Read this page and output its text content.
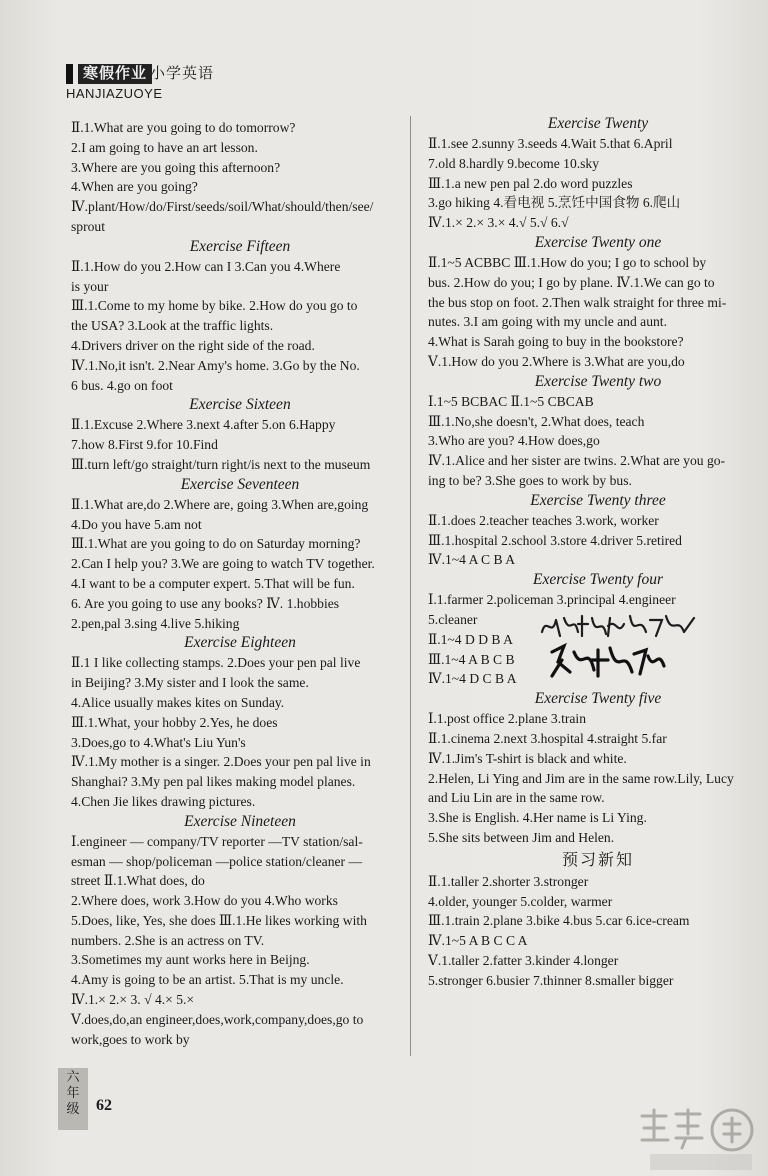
寒假作业 小学英语
HANJIAZUOYE
Ⅱ.1.What are you going to do tomorrow?
2.I am going to have an art lesson.
3.Where are you going this afternoon?
4.When are you going?
Ⅳ.plant/How/do/First/seeds/soil/What/should/then/see/
sprout
Exercise Fifteen
Ⅱ.1.How do you 2.How can I 3.Can you 4.Where
is your
Ⅲ.1.Come to my home by bike. 2.How do you go to
the USA? 3.Look at the traffic lights.
4.Drivers driver on the right side of the road.
Ⅳ.1.No,it isn't. 2.Near Amy's home. 3.Go by the No.
6 bus. 4.go on foot
Exercise Sixteen
Ⅱ.1.Excuse 2.Where 3.next 4.after 5.on 6.Happy
7.how 8.First 9.for 10.Find
Ⅲ.turn left/go straight/turn right/is next to the museum
Exercise Seventeen
Ⅱ.1.What are,do 2.Where are, going 3.When are,going
4.Do you have 5.am not
Ⅲ.1.What are you going to do on Saturday morning?
2.Can I help you? 3.We are going to watch TV together.
4.I want to be a computer expert. 5.That will be fun.
6. Are you going to use any books? Ⅳ. 1.hobbies
2.pen,pal 3.sing 4.live 5.hiking
Exercise Eighteen
Ⅱ.1 I like collecting stamps. 2.Does your pen pal live
in Beijing? 3.My sister and I look the same.
4.Alice usually makes kites on Sunday.
Ⅲ.1.What, your hobby 2.Yes, he does
3.Does,go to 4.What's Liu Yun's
Ⅳ.1.My mother is a singer. 2.Does your pen pal live in
Shanghai? 3.My pen pal likes making model planes.
4.Chen Jie likes drawing pictures.
Exercise Nineteen
Ⅰ.engineer — company/TV reporter —TV station/sal-
esman — shop/policeman —police station/cleaner —
street Ⅱ.1.What does, do
2.Where does, work 3.How do you 4.Who works
5.Does, like, Yes, she does Ⅲ.1.He likes working with
numbers. 2.She is an actress on TV.
3.Sometimes my aunt works here in Beijng.
4.Amy is going to be an artist. 5.That is my uncle.
Ⅳ.1.× 2.× 3. √ 4.× 5.×
Ⅴ.does,do,an engineer,does,work,company,does,go to
work,goes to work by
Exercise Twenty
Ⅱ.1.see 2.sunny 3.seeds 4.Wait 5.that 6.April
7.old 8.hardly 9.become 10.sky
Ⅲ.1.a new pen pal 2.do word puzzles
3.go hiking 4.看电视 5.烹饪中国食物 6.爬山
Ⅳ.1.× 2.× 3.× 4.√ 5.√ 6.√
Exercise Twenty one
Ⅱ.1~5 ACBBC Ⅲ.1.How do you; I go to school by
bus. 2.How do you; I go by plane. Ⅳ.1.We can go to
the bus stop on foot. 2.Then walk straight for three mi-
nutes. 3.I am going with my uncle and aunt.
4.What is Sarah going to buy in the bookstore?
Ⅴ.1.How do you 2.Where is 3.What are you,do
Exercise Twenty two
Ⅰ.1~5 BCBAC Ⅱ.1~5 CBCAB
Ⅲ.1.No,she doesn't, 2.What does, teach
3.Who are you? 4.How does,go
Ⅳ.1.Alice and her sister are twins. 2.What are you go-
ing to be? 3.She goes to work by bus.
Exercise Twenty three
Ⅱ.1.does 2.teacher teaches 3.work, worker
Ⅲ.1.hospital 2.school 3.store 4.driver 5.retired
Ⅳ.1~4 A C B A
Exercise Twenty four
Ⅰ.1.farmer 2.policeman 3.principal 4.engineer
5.cleaner
Ⅱ.1~4 D D B A
Ⅲ.1~4 A B C B
Ⅳ.1~4 D C B A
Exercise Twenty five
Ⅰ.1.post office 2.plane 3.train
Ⅱ.1.cinema 2.next 3.hospital 4.straight 5.far
Ⅳ.1.Jim's T-shirt is black and white.
2.Helen, Li Ying and Jim are in the same row.Lily, Lucy
and Liu Lin are in the same row.
3.She is English. 4.Her name is Li Ying.
5.She sits between Jim and Helen.
预习新知
Ⅱ.1.taller 2.shorter 3.stronger
4.older, younger 5.colder, warmer
Ⅲ.1.train 2.plane 3.bike 4.bus 5.car 6.ice-cream
Ⅳ.1~5 A B C C A
Ⅴ.1.taller 2.fatter 3.kinder 4.longer
5.stronger 6.busier 7.thinner 8.smaller bigger
六
年
级	62
